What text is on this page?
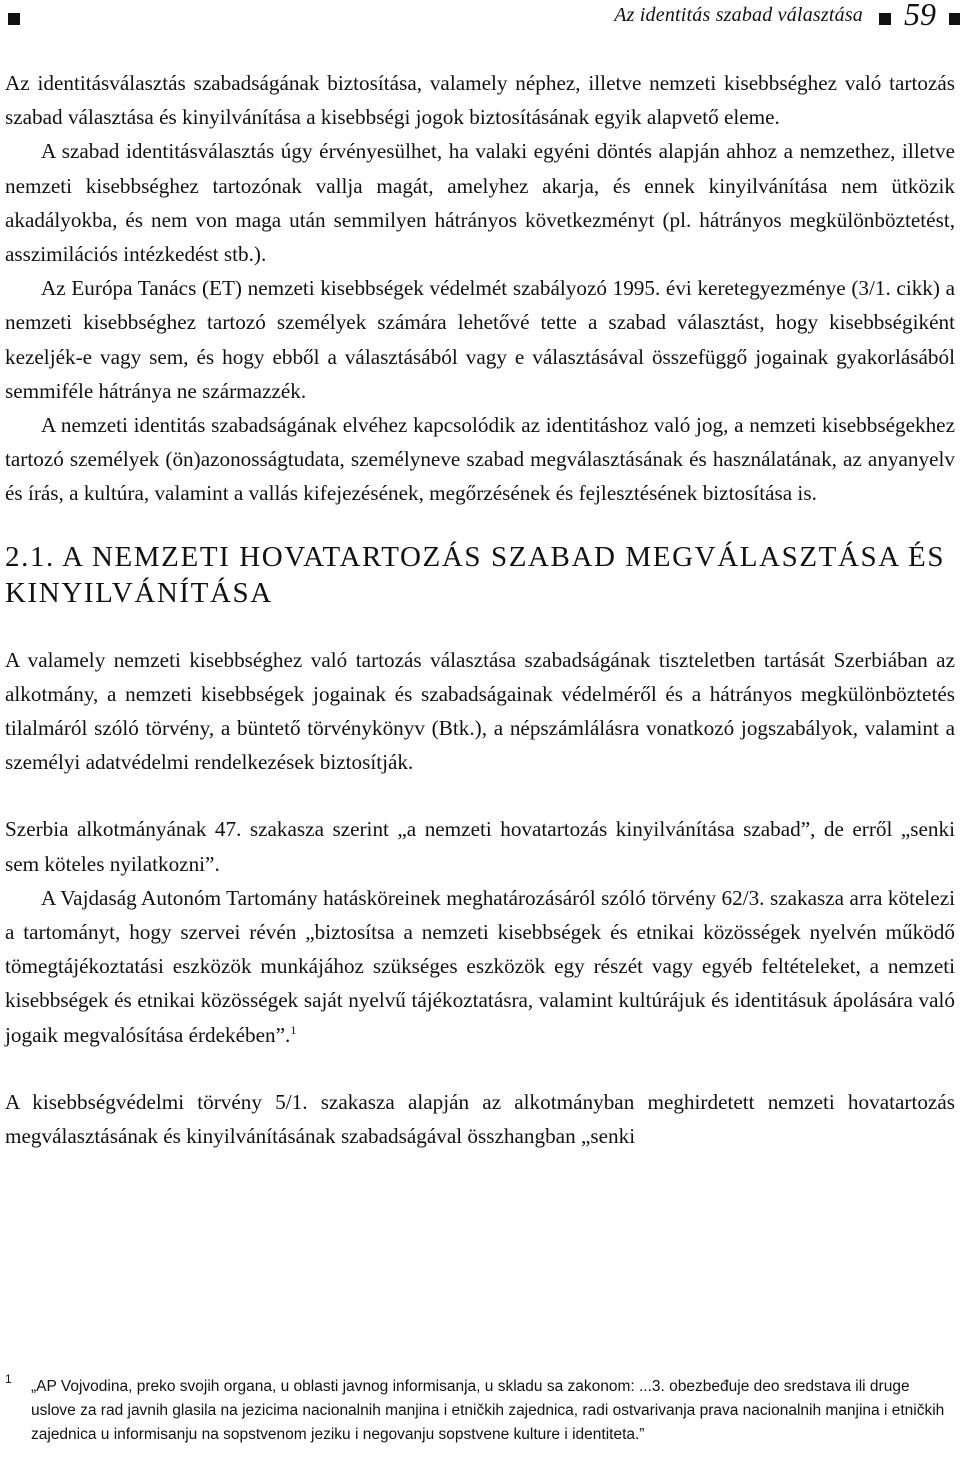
Az identitás szabad választása 59

Az identitásválasztás szabadságának biztosítása, valamely néphez, illetve nemzeti kisebbséghez való tartozás szabad választása és kinyilvánítása a kisebbségi jogok biztosításának egyik alapvető eleme.

A szabad identitásválasztás úgy érvényesülhet, ha valaki egyéni döntés alapján ahhoz a nemzethez, illetve nemzeti kisebbséghez tartozónak vallja magát, amelyhez akarja, és ennek kinyilvánítása nem ütközik akadályokba, és nem von maga után semmilyen hátrányos következményt (pl. hátrányos megkülönböztetést, asszimilációs intézkedést stb.).

Az Európa Tanács (ET) nemzeti kisebbségek védelmét szabályozó 1995. évi keretegyezménye (3/1. cikk) a nemzeti kisebbséghez tartozó személyek számára lehetővé tette a szabad választást, hogy kisebbségiként kezeljék-e vagy sem, és hogy ebből a választásából vagy e választásával összefüggő jogainak gyakorlásából semmiféle hátránya ne származzék.

A nemzeti identitás szabadságának elvéhez kapcsolódik az identitáshoz való jog, a nemzeti kisebbségekhez tartozó személyek (ön)azonosságtudata, személyneve szabad megválasztásának és használatának, az anyanyelv és írás, a kultúra, valamint a vallás kifejezésének, megőrzésének és fejlesztésének biztosítása is.

2.1. A NEMZETI HOVATARTOZÁS SZABAD MEGVÁLASZTÁSA ÉS KINYILVÁNÍTÁSA

A valamely nemzeti kisebbséghez való tartozás választása szabadságának tiszteletben tartását Szerbiában az alkotmány, a nemzeti kisebbségek jogainak és szabadságainak védelméről és a hátrányos megkülönböztetés tilalmáról szóló törvény, a büntető törvénykönyv (Btk.), a népszámlálásra vonatkozó jogszabályok, valamint a személyi adatvédelmi rendelkezések biztosítják.

Szerbia alkotmányának 47. szakasza szerint „a nemzeti hovatartozás kinyilvánítása szabad”, de erről „senki sem köteles nyilatkozni”.

A Vajdaság Autonóm Tartomány hatásköreinek meghatározásáról szóló törvény 62/3. szakasza arra kötelezi a tartományt, hogy szervei révén „biztosítsa a nemzeti kisebbségek és etnikai közösségek nyelvén működő tömegtájékoztatási eszközök munkájához szükséges eszközök egy részét vagy egyéb feltételeket, a nemzeti kisebbségek és etnikai közösségek saját nyelvű tájékoztatásra, valamint kultúrájuk és identitásuk ápolására való jogaik megvalósítása érdekében”.$^1$

A kisebbségvédelmi törvény 5/1. szakasza alapján az alkotmányban meghirdetett nemzeti hovatartozás megválasztásának és kinyilvánításának szabadságával összhangban „senki

1 „AP Vojvodina, preko svojih organa, u oblasti javnog informisanja, u skladu sa zakonom: ...3. obezbeđuje deo sredstava ili druge uslove za rad javnih glasila na jezicima nacionalnih manjina i etničkih zajednica, radi ostvarivanja prava nacionalnih manjina i etničkih zajednica u informisanju na sopstvenom jeziku i negovanju sopstvene kulture i identiteta.”
